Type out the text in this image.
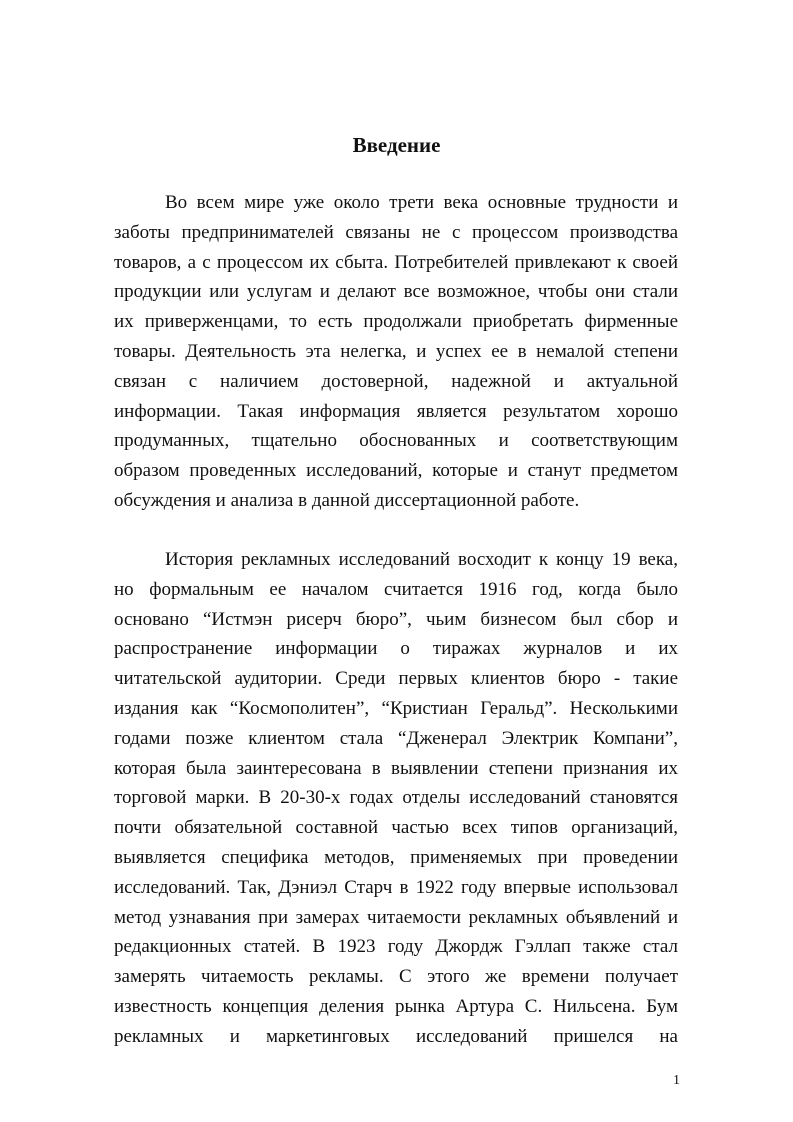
Введение
Во всем мире уже около трети века основные трудности и
заботы предпринимателей связаны не с процессом производства
товаров, а с процессом их сбыта. Потребителей привлекают к своей
продукции или услугам и делают все возможное, чтобы они стали
их приверженцами, то есть продолжали приобретать фирменные
товары. Деятельность эта нелегка, и успех ее в немалой степени
связан с наличием достоверной, надежной и актуальной
информации. Такая информация является результатом хорошо
продуманных, тщательно обоснованных и соответствующим
образом проведенных исследований, которые и станут предметом
обсуждения и анализа в данной диссертационной работе.
История рекламных исследований восходит к концу 19 века,
но формальным ее началом считается 1916 год, когда было
основано “Истмэн рисерч бюро”, чьим бизнесом был сбор и
распространение информации о тиражах журналов и их
читательской аудитории. Среди первых клиентов бюро - такие
издания как “Космополитен”, “Кристиан Геральд”. Несколькими
годами позже клиентом стала “Дженерал Электрик Компани”,
которая была заинтересована в выявлении степени признания их
торговой марки. В 20-30-х годах отделы исследований становятся
почти обязательной составной частью всех типов организаций,
выявляется специфика методов, применяемых при проведении
исследований. Так, Дэниэл Старч в 1922 году впервые использовал
метод узнавания при замерах читаемости рекламных объявлений и
редакционных статей. В 1923 году Джордж Гэллап также стал
замерять читаемость рекламы. С этого же времени получает
известность концепция деления рынка Артура С. Нильсена. Бум
рекламных и маркетинговых исследований пришелся на
1
